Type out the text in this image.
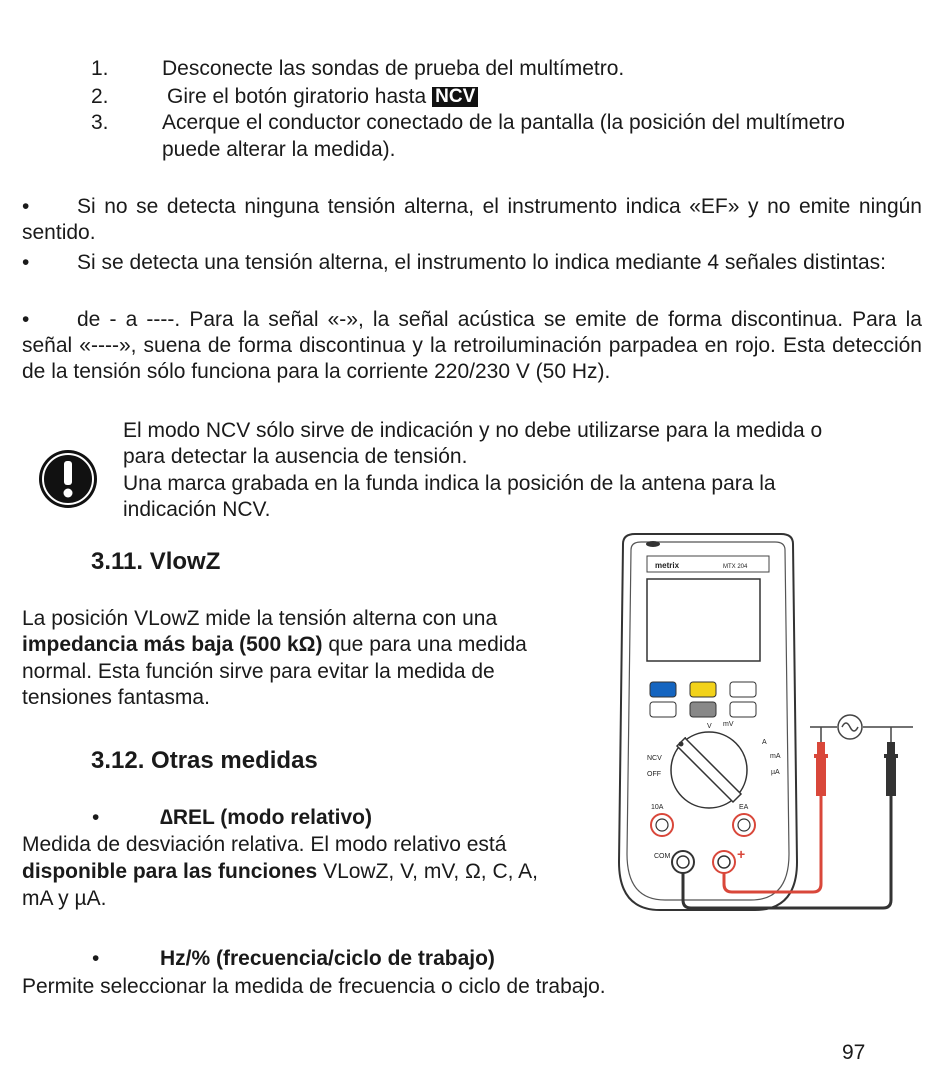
1.	Desconecte las sondas de prueba del multímetro.
2.	Gire el botón giratorio hasta NCV
3.	Acerque el conductor conectado de la pantalla (la posición del multímetro
puede alterar la medida).
• Si no se detecta ninguna tensión alterna, el instrumento indica «EF» y no emite ningún sentido.
• Si se detecta una tensión alterna, el instrumento lo indica mediante 4 señales distintas:
• de - a ----. Para la señal «-», la señal acústica se emite de forma discontinua. Para la señal «----», suena de forma discontinua y la retroiluminación parpadea en rojo. Esta detección de la tensión sólo funciona para la corriente 220/230 V (50 Hz).
El modo NCV sólo sirve de indicación y no debe utilizarse para la medida o
para detectar la ausencia de tensión.
Una marca grabada en la funda indica la posición de la antena para la
indicación NCV.
3.11. VlowZ
La posición VLowZ mide la tensión alterna con una
impedancia más baja (500 kΩ) que para una medida
normal. Esta función sirve para evitar la medida de
tensiones fantasma.
3.12. Otras medidas
•	∆REL (modo relativo)
Medida de desviación relativa. El modo relativo está
disponible para las funciones VLowZ, V, mV, Ω, C, A,
mA y µA.
•	Hz/% (frecuencia/ciclo de trabajo)
Permite seleccionar la medida de frecuencia o ciclo de trabajo.
metrix	MTX 204
V mV
A
NCV	mA
OFF	µA
10A	EA
COM	+
97
